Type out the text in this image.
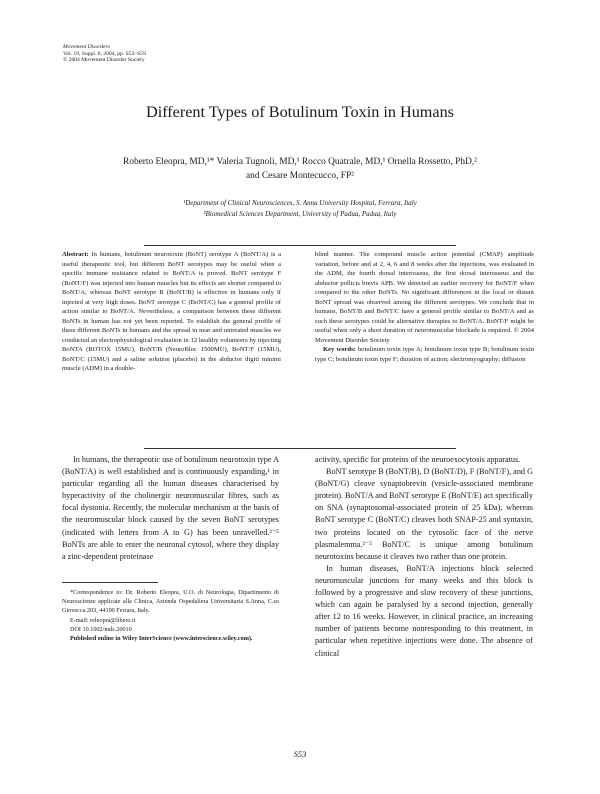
Movement Disorders
Vol. 19, Suppl. 8, 2004, pp. S53–S59
© 2004 Movement Disorder Society
Different Types of Botulinum Toxin in Humans
Roberto Eleopra, MD,¹* Valeria Tugnoli, MD,¹ Rocco Quatrale, MD,¹ Ornella Rossetto, PhD,²
and Cesare Montecucco, FP²
¹Department of Clinical Neurosciences, S. Anna University Hospital, Ferrara, Italy
²Biomedical Sciences Department, University of Padua, Padua, Italy
Abstract: In humans, botulinum neurotoxin (BoNT) serotype A (BoNT/A) is a useful therapeutic tool, but different BoNT serotypes may be useful when a specific immune resistance related to BoNT/A is proved. BoNT serotype F (BoNT/F) was injected into human muscles but its effects are shorter compared to BoNT/A, whereas BoNT serotype B (BoNT/B) is effective in humans only if injected at very high doses. BoNT serotype C (BoNT/C) has a general profile of action similar to BoNT/A. Nevertheless, a comparison between these different BoNTs in human has not yet been reported. To establish the general profile of these different BoNTs in humans and the spread in near and untreated muscles we conducted an electrophysiological evaluation in 12 healthy volunteers by injecting BoNTA (BOTOX 15MU), BoNT/B (NeuroBloc 1500MU), BoNT/F (15MU), BoNT/C (15MU) and a saline solution (placebo) in the abductor digiti minimi muscle (ADM) in a double-
blind manner. The compound muscle action potential (CMAP) amplitude variation, before and at 2, 4, 6 and 8 weeks after the injections, was evaluated in the ADM, the fourth dorsal interosseus, the first dorsal interosseus and the abductor pollicis brevis APB. We detected an earlier recovery for BoNT/F when compared to the other BoNTs. No significant differences in the local or distant BoNT spread was observed among the different serotypes. We conclude that in humans, BoNT/B and BoNT/C have a general profile similar to BoNT/A and as such these serotypes could be alternative therapies to BoNT/A. BoNT/F might be useful when only a short duration of neuromuscular blockade is required. © 2004 Movement Disorder Society
Key words: botulinum toxin type A; botulinum toxin type B; botulinum toxin type C; botulinum toxin type F; duration of action; electromyography; diffusion

In humans, the therapeutic use of botulinum neurotoxin type A (BoNT/A) is well established and is continuously expanding,¹ in particular regarding all the human diseases characterised by hyperactivity of the cholinergic neuromuscular fibres, such as focal dystonia. Recently, the molecular mechanism at the basis of the neuromuscular block caused by the seven BoNT serotypes (indicated with letters from A to G) has been unravelled.²⁻⁵ BoNTs are able to enter the neuronal cytosol, where they display a zinc-dependent proteinase

*Correspondence to: Dr. Roberto Eleopra, U.O. di Neurologia, Dipartimento di Neuroscienze applicate alla Clinica, Azienda Ospedaliera Universitaria S.Anna, C.so Giovecca 203, 44100 Ferrara, Italy.

E-mail: releopra@libero.it

DOI 10.1002/mds.20010

Published online in Wiley InterScience (www.interscience.wiley.com).

activity, specific for proteins of the neuroexocytosis apparatus.

BoNT serotype B (BoNT/B), D (BoNT/D), F (BoNT/F), and G (BoNT/G) cleave synaptobrevin (vesicle-associated membrane protein). BoNT/A and BoNT serotype E (BoNT/E) act specifically on SNA (synaptosomal-associated protein of 25 kDa), whereas BoNT serotype C (BoNT/C) cleaves both SNAP-25 and syntaxin, two proteins located on the cytosolic face of the nerve plasmalemma.²⁻⁵ BoNT/C is unique among botulinum neurotoxins because it cleaves two rather than one protein.

In human diseases, BoNT/A injections block selected neuromuscular junctions for many weeks and this block is followed by a progressive and slow recovery of these junctions, which can again be paralysed by a second injection, generally after 12 to 16 weeks. However, in clinical practice, an increasing number of patients become nonresponding to this treatment, in particular when repetitive injections were done. The absence of clinical

S53
